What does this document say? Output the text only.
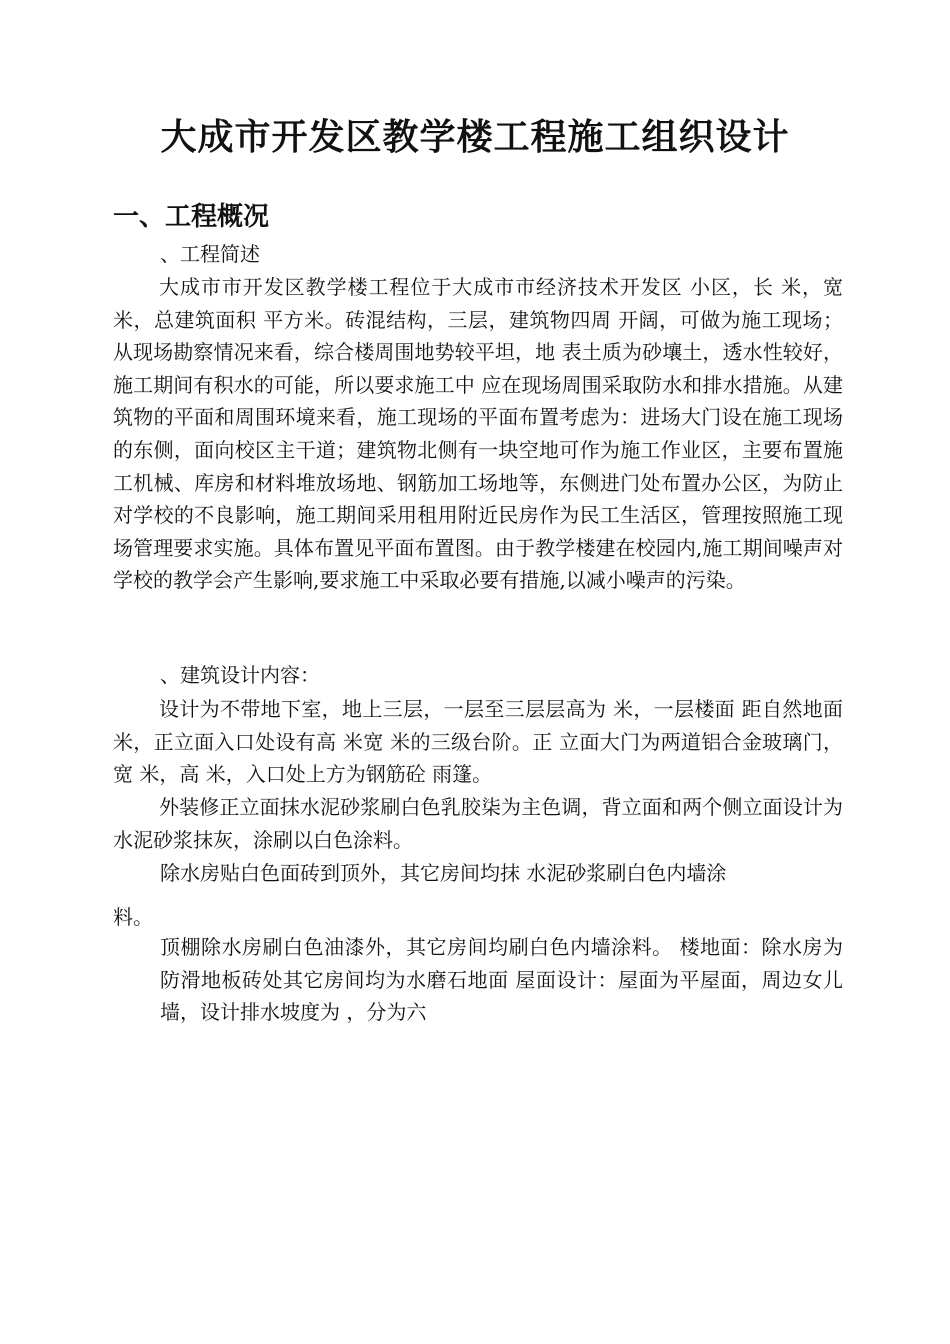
大成市开发区教学楼工程施工组织设计
一、工程概况

、工程简述

大成市市开发区教学楼工程位于大成市市经济技术开发区 小区，长 米，宽 米，总建筑面积 平方米。砖混结构，三层，建筑物四周 开阔，可做为施工现场；从现场勘察情况来看，综合楼周围地势较平坦，地 表土质为砂壤土，透水性较好，施工期间有积水的可能，所以要求施工中 应在现场周围采取防水和排水措施。从建筑物的平面和周围环境来看，施工现场的平面布置考虑为：进场大门设在施工现场的东侧，面向校区主干道；建筑物北侧有一块空地可作为施工作业区，主要布置施工机械、库房和材料堆放场地、钢筋加工场地等，东侧进门处布置办公区，为防止对学校的不良影响，施工期间采用租用附近民房作为民工生活区，管理按照施工现场管理要求实施。具体布置见平面布置图。由于教学楼建在校园内,施工期间噪声对学校的教学会产生影响,要求施工中采取必要有措施,以减小噪声的污染。

、建筑设计内容：

设计为不带地下室，地上三层，一层至三层层高为 米，一层楼面 距自然地面 米，正立面入口处设有高 米宽 米的三级台阶。正 立面大门为两道铝合金玻璃门，宽 米，高 米，入口处上方为钢筋砼 雨篷。

外装修正立面抹水泥砂浆刷白色乳胶柒为主色调，背立面和两个侧立面设计为水泥砂浆抹灰，涂刷以白色涂料。

除水房贴白色面砖到顶外，其它房间均抹 水泥砂浆刷白色内墙涂

料。

顶棚除水房刷白色油漆外，其它房间均刷白色内墙涂料。 楼地面：除水房为防滑地板砖处其它房间均为水磨石地面 屋面设计：屋面为平屋面，周边女儿墙，设计排水坡度为 ，分为六
